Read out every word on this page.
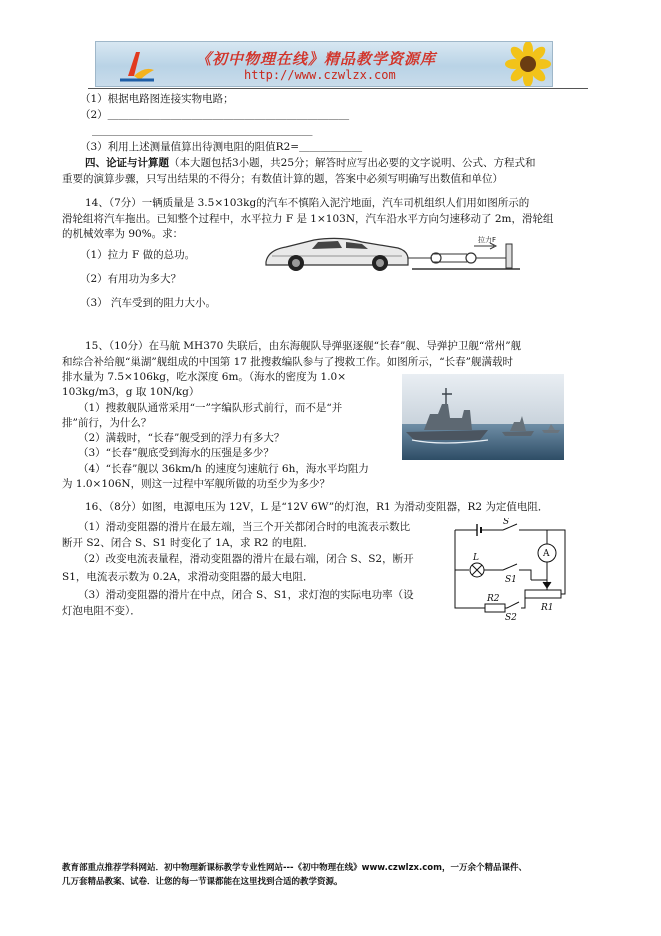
《初中物理在线》精品教学资源库
http://www.czwlzx.com
（1）根据电路图连接实物电路；
（2）＿＿＿＿＿＿＿＿＿＿＿＿＿＿＿＿＿＿＿＿＿＿＿
＿＿＿＿＿＿＿＿＿＿＿＿＿＿＿＿＿＿＿＿＿
（3）利用上述测量值算出待测电阻的阻值R2=＿＿＿＿＿＿
四、论证与计算题（本大题包括3小题，共25分；解答时应写出必要的文字说明、公式、方程式和
重要的演算步骤，只写出结果的不得分；有数值计算的题，答案中必须写明确写出数值和单位）
14、（7分）一辆质量是 3.5×103kg的汽车不慎陷入泥泞地面，汽车司机组织人们用如图所示的
滑轮组将汽车拖出。已知整个过程中，水平拉力 F 是 1×103N，汽车沿水平方向匀速移动了 2m，滑轮组
的机械效率为 90%。求：
（1）拉力 F 做的总功。
（2）有用功为多大？
（3） 汽车受到的阻力大小。
拉力F
15、（10分）在马航 MH370 失联后，由东海舰队导弹驱逐舰“长春”舰、导弹护卫舰“常州”舰
和综合补给舰“巢湖”舰组成的中国第 17 批搜救编队参与了搜救工作。如图所示，“长春”舰满载时
排水量为 7.5×106kg，吃水深度 6m。（海水的密度为 1.0×
103kg/m3，g 取 10N/kg）
（1）搜救舰队通常采用“一”字编队形式前行，而不是“并
排”前行，为什么？
（2）满载时，“长春”舰受到的浮力有多大？
（3）“长春”舰底受到海水的压强是多少？
（4）“长春”舰以 36km/h 的速度匀速航行 6h，海水平均阻力
为 1.0×106N，则这一过程中军舰所做的功至少为多少？
16、（8分）如图，电源电压为 12V，L 是“12V 6W”的灯泡，R1 为滑动变阻器，R2 为定值电阻．
（1）滑动变阻器的滑片在最左端，当三个开关都闭合时的电流表示数比
断开 S2、闭合 S、S1 时变化了 1A，求 R2 的电阻．
（2）改变电流表量程，滑动变阻器的滑片在最右端，闭合 S、S2，断开
S1，电流表示数为 0.2A，求滑动变阻器的最大电阻．
（3）滑动变阻器的滑片在中点，闭合 S、S1，求灯泡的实际电功率（设
灯泡电阻不变）．
S
A
L
S1
R2
S2
R1
教育部重点推荐学科网站．初中物理新课标教学专业性网站---《初中物理在线》www.czwlzx.com，一万余个精品课件、
几万套精品教案、试卷．让您的每一节课都能在这里找到合适的教学资源。
